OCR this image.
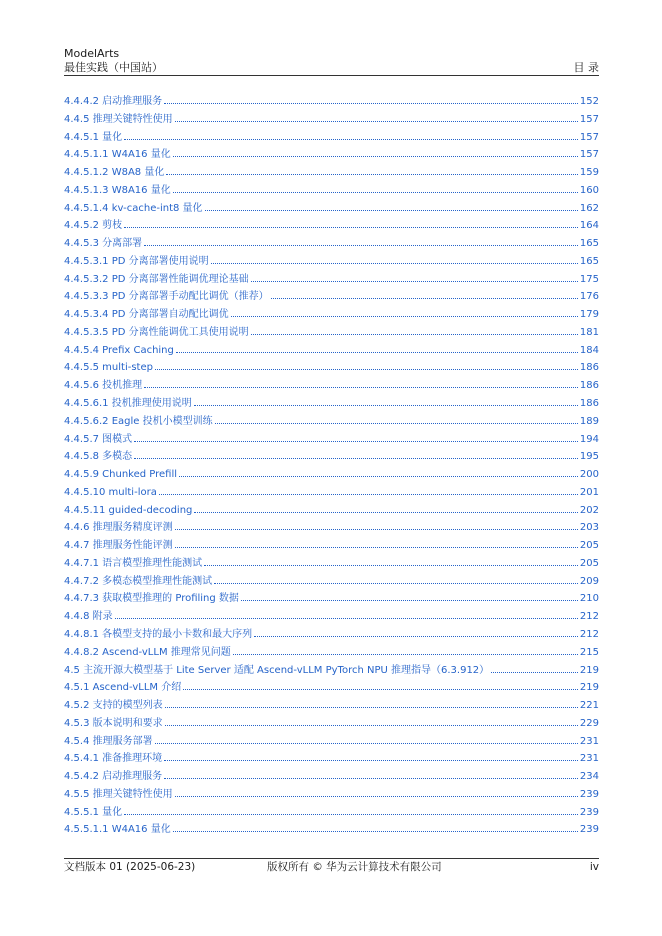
ModelArts
最佳实践（中国站）	目 录
4.4.4.2 启动推理服务	152
4.4.5 推理关键特性使用	157
4.4.5.1 量化	157
4.4.5.1.1 W4A16 量化	157
4.4.5.1.2 W8A8 量化	159
4.4.5.1.3 W8A16 量化	160
4.4.5.1.4 kv-cache-int8 量化	162
4.4.5.2 剪枝	164
4.4.5.3 分离部署	165
4.4.5.3.1 PD 分离部署使用说明	165
4.4.5.3.2 PD 分离部署性能调优理论基础	175
4.4.5.3.3 PD 分离部署手动配比调优（推荐）	176
4.4.5.3.4 PD 分离部署自动配比调优	179
4.4.5.3.5 PD 分离性能调优工具使用说明	181
4.4.5.4 Prefix Caching	184
4.4.5.5 multi-step	186
4.4.5.6 投机推理	186
4.4.5.6.1 投机推理使用说明	186
4.4.5.6.2 Eagle 投机小模型训练	189
4.4.5.7 图模式	194
4.4.5.8 多模态	195
4.4.5.9 Chunked Prefill	200
4.4.5.10 multi-lora	201
4.4.5.11 guided-decoding	202
4.4.6 推理服务精度评测	203
4.4.7 推理服务性能评测	205
4.4.7.1 语言模型推理性能测试	205
4.4.7.2 多模态模型推理性能测试	209
4.4.7.3 获取模型推理的 Profiling 数据	210
4.4.8 附录	212
4.4.8.1 各模型支持的最小卡数和最大序列	212
4.4.8.2 Ascend-vLLM 推理常见问题	215
4.5 主流开源大模型基于 Lite Server 适配 Ascend-vLLM PyTorch NPU 推理指导（6.3.912）	219
4.5.1 Ascend-vLLM 介绍	219
4.5.2 支持的模型列表	221
4.5.3 版本说明和要求	229
4.5.4 推理服务部署	231
4.5.4.1 准备推理环境	231
4.5.4.2 启动推理服务	234
4.5.5 推理关键特性使用	239
4.5.5.1 量化	239
4.5.5.1.1 W4A16 量化	239
文档版本 01 (2025-06-23)	版权所有 © 华为云计算技术有限公司	iv
